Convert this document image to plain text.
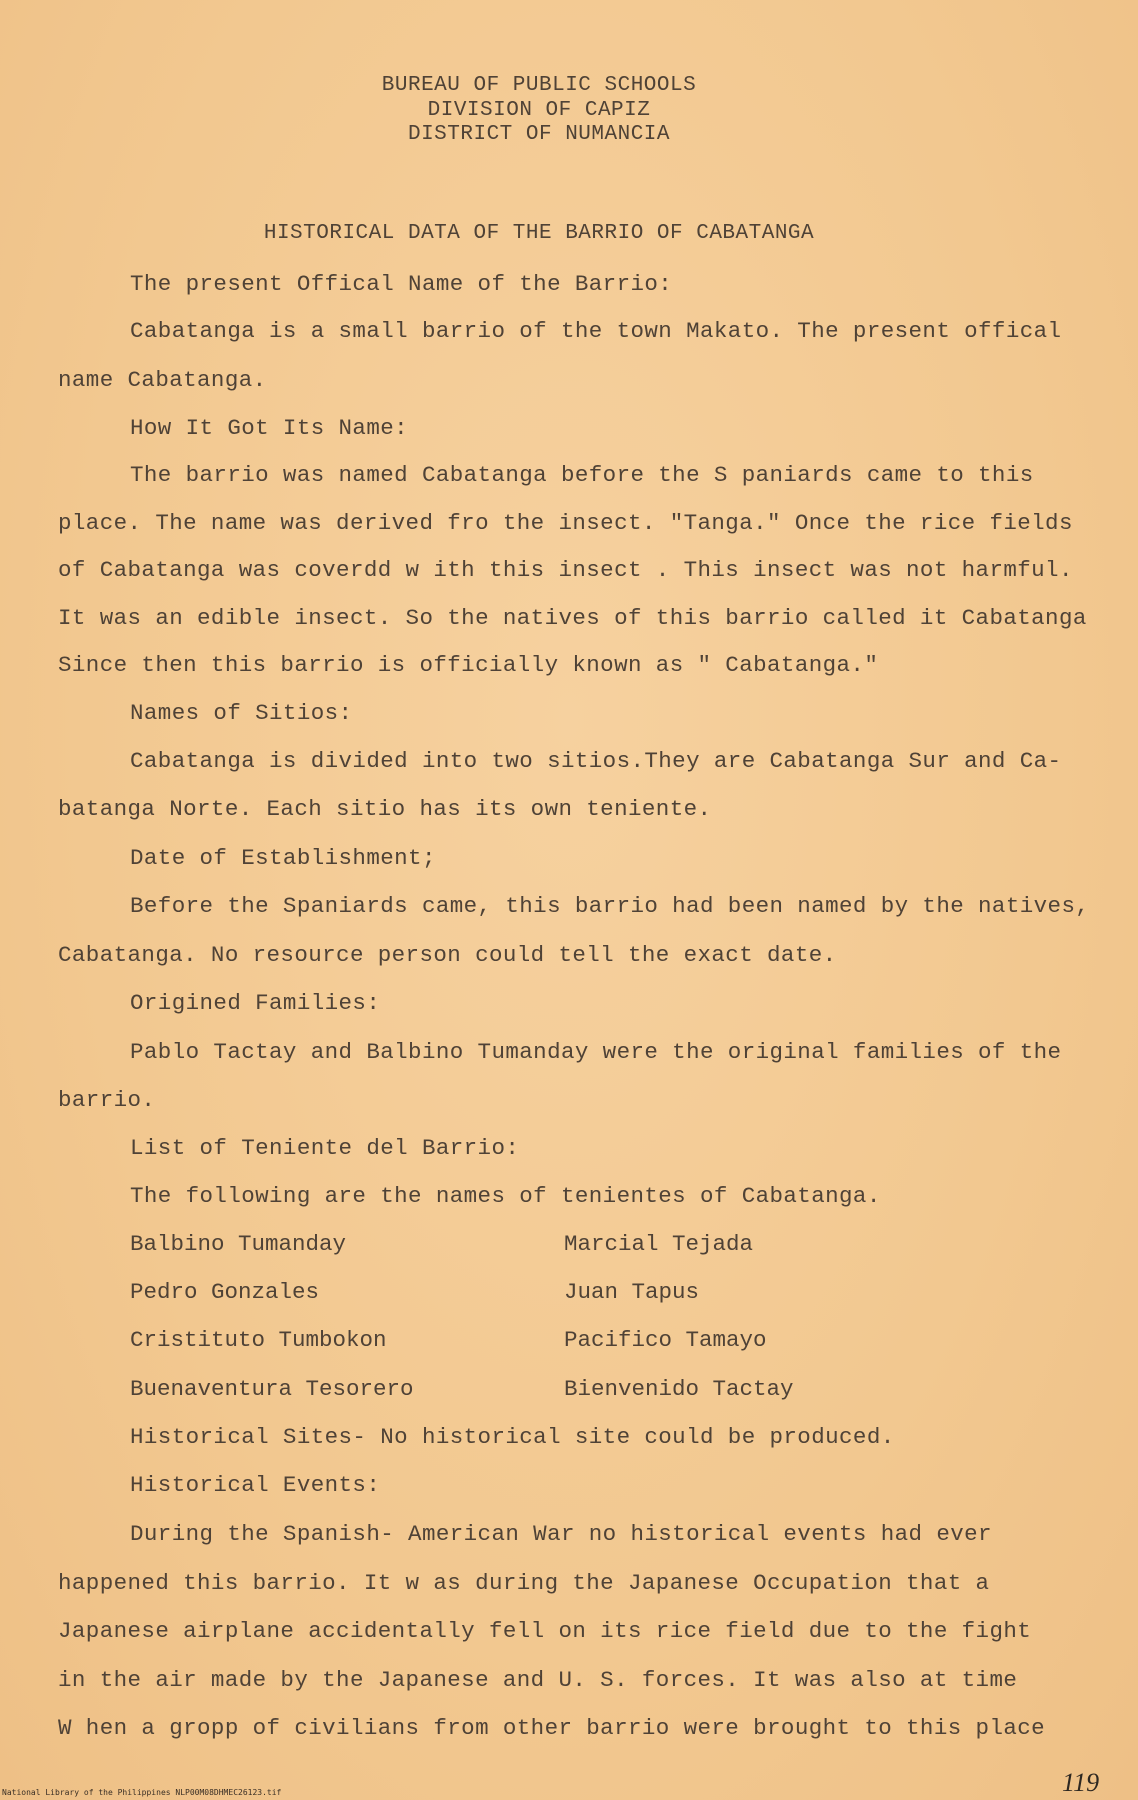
BUREAU OF PUBLIC SCHOOLS
DIVISION OF CAPIZ
DISTRICT OF NUMANCIA
HISTORICAL DATA OF THE BARRIO OF CABATANGA
The present Offical Name of the Barrio:
Cabatanga is a small barrio of the town Makato. The present offical
name Cabatanga.
How It Got Its Name:
The barrio was named Cabatanga before the S paniards came to this
place. The name was derived fro the insect. "Tanga." Once the rice fields
of Cabatanga was coverdd w ith this insect . This insect was not harmful.
It was an edible insect. So the natives of this barrio called it Cabatanga
Since then this barrio is officially known as " Cabatanga."
Names of Sitios:
Cabatanga is divided into two sitios.They are Cabatanga Sur and Ca-
batanga Norte. Each sitio has its own teniente.
Date of Establishment;
Before the Spaniards came, this barrio had been named by the natives,
Cabatanga. No resource person could tell the exact date.
Origined Families:
Pablo Tactay and Balbino Tumanday were the original families of the
barrio.
List of Teniente del Barrio:
The following are the names of tenientes of Cabatanga.
Balbino Tumanday	Marcial Tejada
Pedro Gonzales	Juan Tapus
Cristituto Tumbokon	Pacifico Tamayo
Buenaventura Tesorero	Bienvenido Tactay
Historical Sites- No historical site could be produced.
Historical Events:
During the Spanish- American War no historical events had ever
happened this barrio. It w as during the Japanese Occupation that a
Japanese airplane accidentally fell on its rice field due to the fight
in the air made by the Japanese and U. S. forces. It was also at time
W hen a gropp of civilians from other barrio were brought to this place
National Library of the Philippines NLP00M08DHMEC26123.tif	119
